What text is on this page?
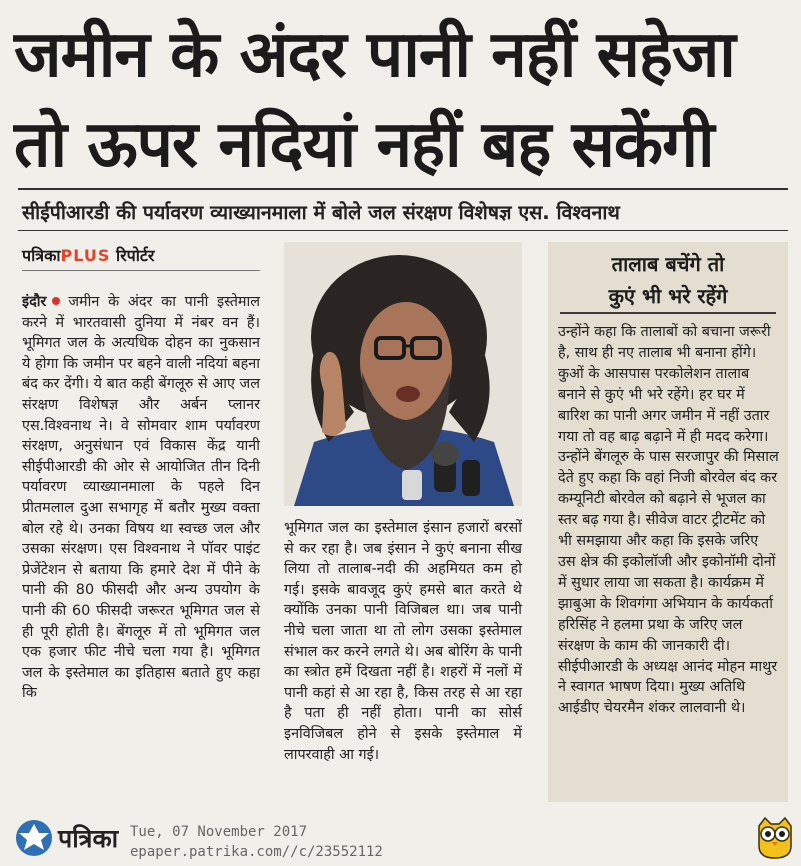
जमीन के अंदर पानी नहीं सहेजा
तो ऊपर नदियां नहीं बह सकेंगी
सीईपीआरडी की पर्यावरण व्याख्यानमाला में बोले जल संरक्षण विशेषज्ञ एस. विश्वनाथ
पत्रिकाPLUS रिपोर्टर
इंदौर जमीन के अंदर का पानी इस्तेमाल करने में भारतवासी दुनिया में नंबर वन हैं। भूमिगत जल के अत्यधिक दोहन का नुकसान ये होगा कि जमीन पर बहने वाली नदियां बहना बंद कर देंगी। ये बात कही बेंगलूरु से आए जल संरक्षण विशेषज्ञ और अर्बन प्लानर एस.विश्वनाथ ने। वे सोमवार शाम पर्यावरण संरक्षण, अनुसंधान एवं विकास केंद्र यानी सीईपीआरडी की ओर से आयोजित तीन दिनी पर्यावरण व्याख्यानमाला के पहले दिन प्रीतमलाल दुआ सभागृह में बतौर मुख्य वक्ता बोल रहे थे। उनका विषय था स्वच्छ जल और उसका संरक्षण। एस विश्वनाथ ने पॉवर पाइंट प्रेजेंटेशन से बताया कि हमारे देश में पीने के पानी की 80 फीसदी और अन्य उपयोग के पानी की 60 फीसदी जरूरत भूमिगत जल से ही पूरी होती है। बेंगलूरु में तो भूमिगत जल एक हजार फीट नीचे चला गया है। भूमिगत जल के इस्तेमाल का इतिहास बताते हुए कहा कि
भूमिगत जल का इस्तेमाल इंसान हजारों बरसों से कर रहा है। जब इंसान ने कुएं बनाना सीख लिया तो तालाब-नदी की अहमियत कम हो गई। इसके बावजूद कुएं हमसे बात करते थे क्योंकि उनका पानी विजिबल था। जब पानी नीचे चला जाता था तो लोग उसका इस्तेमाल संभाल कर करने लगते थे। अब बोरिंग के पानी का स्त्रोत हमें दिखता नहीं है। शहरों में नलों में पानी कहां से आ रहा है, किस तरह से आ रहा है पता ही नहीं होता। पानी का सोर्स इनविजिबल होने से इसके इस्तेमाल में लापरवाही आ गई।
तालाब बचेंगे तो
कुएं भी भरे रहेंगे
उन्होंने कहा कि तालाबों को बचाना जरूरी है, साथ ही नए तालाब भी बनाना होंगे। कुओं के आसपास परकोलेशन तालाब बनाने से कुएं भी भरे रहेंगे। हर घर में बारिश का पानी अगर जमीन में नहीं उतार गया तो वह बाढ़ बढ़ाने में ही मदद करेगा। उन्होंने बेंगलूरु के पास सरजापुर की मिसाल देते हुए कहा कि वहां निजी बोरवेल बंद कर कम्यूनिटी बोरवेल को बढ़ाने से भूजल का स्तर बढ़ गया है। सीवेज वाटर ट्रीटमेंट को भी समझाया और कहा कि इसके जरिए उस क्षेत्र की इकोलॉजी और इकोनॉमी दोनों में सुधार लाया जा सकता है। कार्यक्रम में झाबुआ के शिवगंगा अभियान के कार्यकर्ता हरिसिंह ने हलमा प्रथा के जरिए जल संरक्षण के काम की जानकारी दी। सीईपीआरडी के अध्यक्ष आनंद मोहन माथुर ने स्वागत भाषण दिया। मुख्य अतिथि आईडीए चेयरमैन शंकर लालवानी थे।
पत्रिका Tue, 07 November 2017
epaper.patrika.com//c/23552112
